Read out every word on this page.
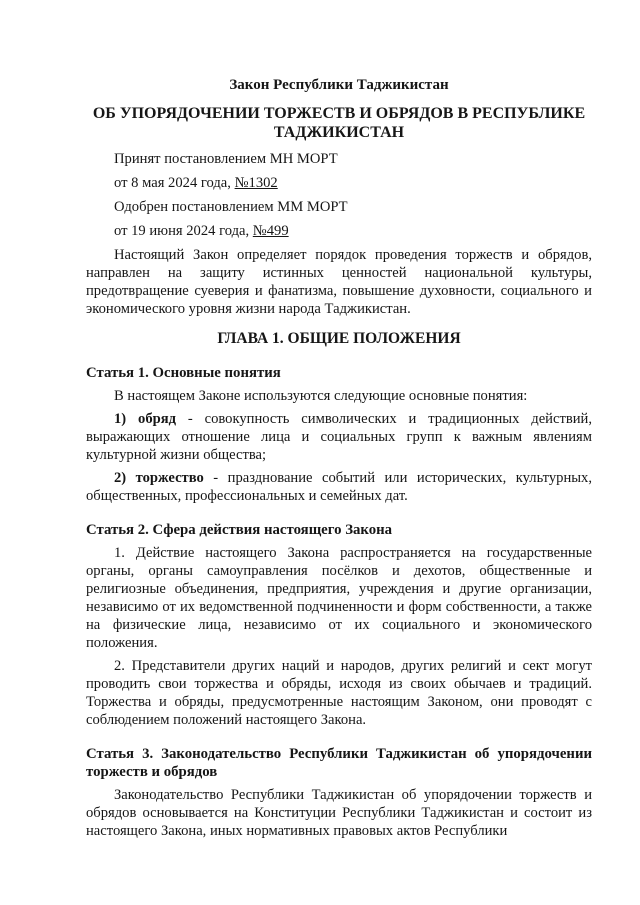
Закон Республики Таджикистан

ОБ УПОРЯДОЧЕНИИ ТОРЖЕСТВ И ОБРЯДОВ В РЕСПУБЛИКЕ ТАДЖИКИСТАН

Принят постановлением МН МОРТ

от 8 мая 2024 года, №1302

Одобрен постановлением ММ МОРТ

от 19 июня 2024 года, №499

Настоящий Закон определяет порядок проведения торжеств и обрядов, направлен на защиту истинных ценностей национальной культуры, предотвращение суеверия и фанатизма, повышение духовности, социального и экономического уровня жизни народа Таджикистан.

ГЛАВА 1. ОБЩИЕ ПОЛОЖЕНИЯ
Статья 1. Основные понятия

В настоящем Законе используются следующие основные понятия:

1) обряд - совокупность символических и традиционных действий, выражающих отношение лица и социальных групп к важным явлениям культурной жизни общества;

2) торжество - празднование событий или исторических, культурных, общественных, профессиональных и семейных дат.

Статья 2. Сфера действия настоящего Закона

1. Действие настоящего Закона распространяется на государственные органы, органы самоуправления посёлков и дехотов, общественные и религиозные объединения, предприятия, учреждения и другие организации, независимо от их ведомственной подчиненности и форм собственности, а также на физические лица, независимо от их социального и экономического положения.

2. Представители других наций и народов, других религий и сект могут проводить свои торжества и обряды, исходя из своих обычаев и традиций. Торжества и обряды, предусмотренные настоящим Законом, они проводят с соблюдением положений настоящего Закона.

Статья 3. Законодательство Республики Таджикистан об упорядочении торжеств и обрядов

Законодательство Республики Таджикистан об упорядочении торжеств и обрядов основывается на Конституции Республики Таджикистан и состоит из настоящего Закона, иных нормативных правовых актов Республики
